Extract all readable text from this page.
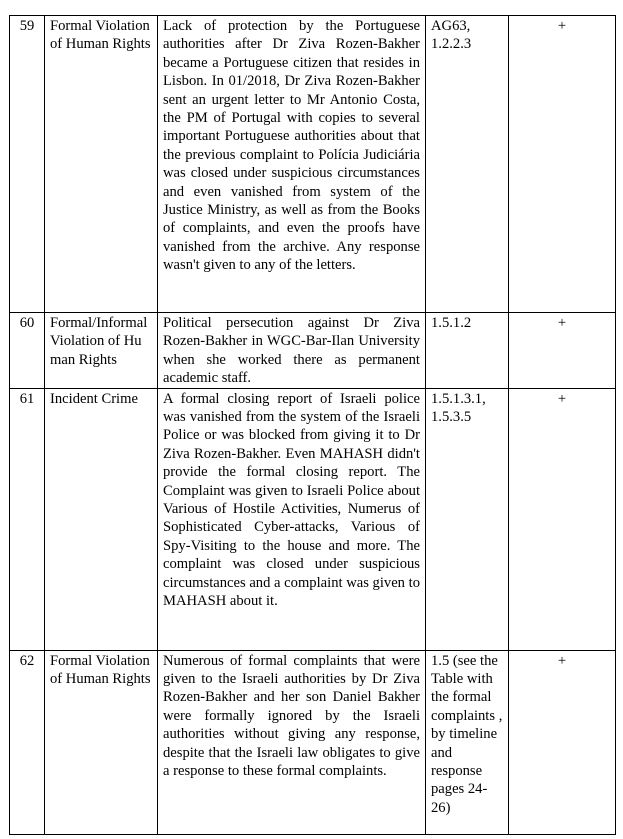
59	Formal Violation of Human Rights	Lack of protection by the Portuguese authorities after Dr Ziva Rozen-Bakher became a Portuguese citizen that resides in Lisbon. In 01/2018, Dr Ziva Rozen-Bakher sent an urgent letter to Mr Antonio Costa, the PM of Portugal with copies to several important Portuguese authorities about that the previous complaint to Polícia Judiciária was closed under suspicious circumstances and even vanished from system of the Justice Ministry, as well as from the Books of complaints, and even the proofs have vanished from the archive. Any response wasn't given to any of the letters.	AG63, 1.2.2.3	+
60	Formal/Informal Violation of Human Rights	Political persecution against Dr Ziva Rozen-Bakher in WGC-Bar-Ilan University when she worked there as permanent academic staff.	1.5.1.2	+
61	Incident Crime	A formal closing report of Israeli police was vanished from the system of the Israeli Police or was blocked from giving it to Dr Ziva Rozen-Bakher. Even MAHASH didn't provide the formal closing report. The Complaint was given to Israeli Police about Various of Hostile Activities, Numerus of Sophisticated Cyber-attacks, Various of Spy-Visiting to the house and more. The complaint was closed under suspicious circumstances and a complaint was given to MAHASH about it.	1.5.1.3.1, 1.5.3.5	+
62	Formal Violation of Human Rights	Numerous of formal complaints that were given to the Israeli authorities by Dr Ziva Rozen-Bakher and her son Daniel Bakher were formally ignored by the Israeli authorities without giving any response, despite that the Israeli law obligates to give a response to these formal complaints.	1.5 (see the Table with the formal complaints , by timeline and response pages 24-26)	+
